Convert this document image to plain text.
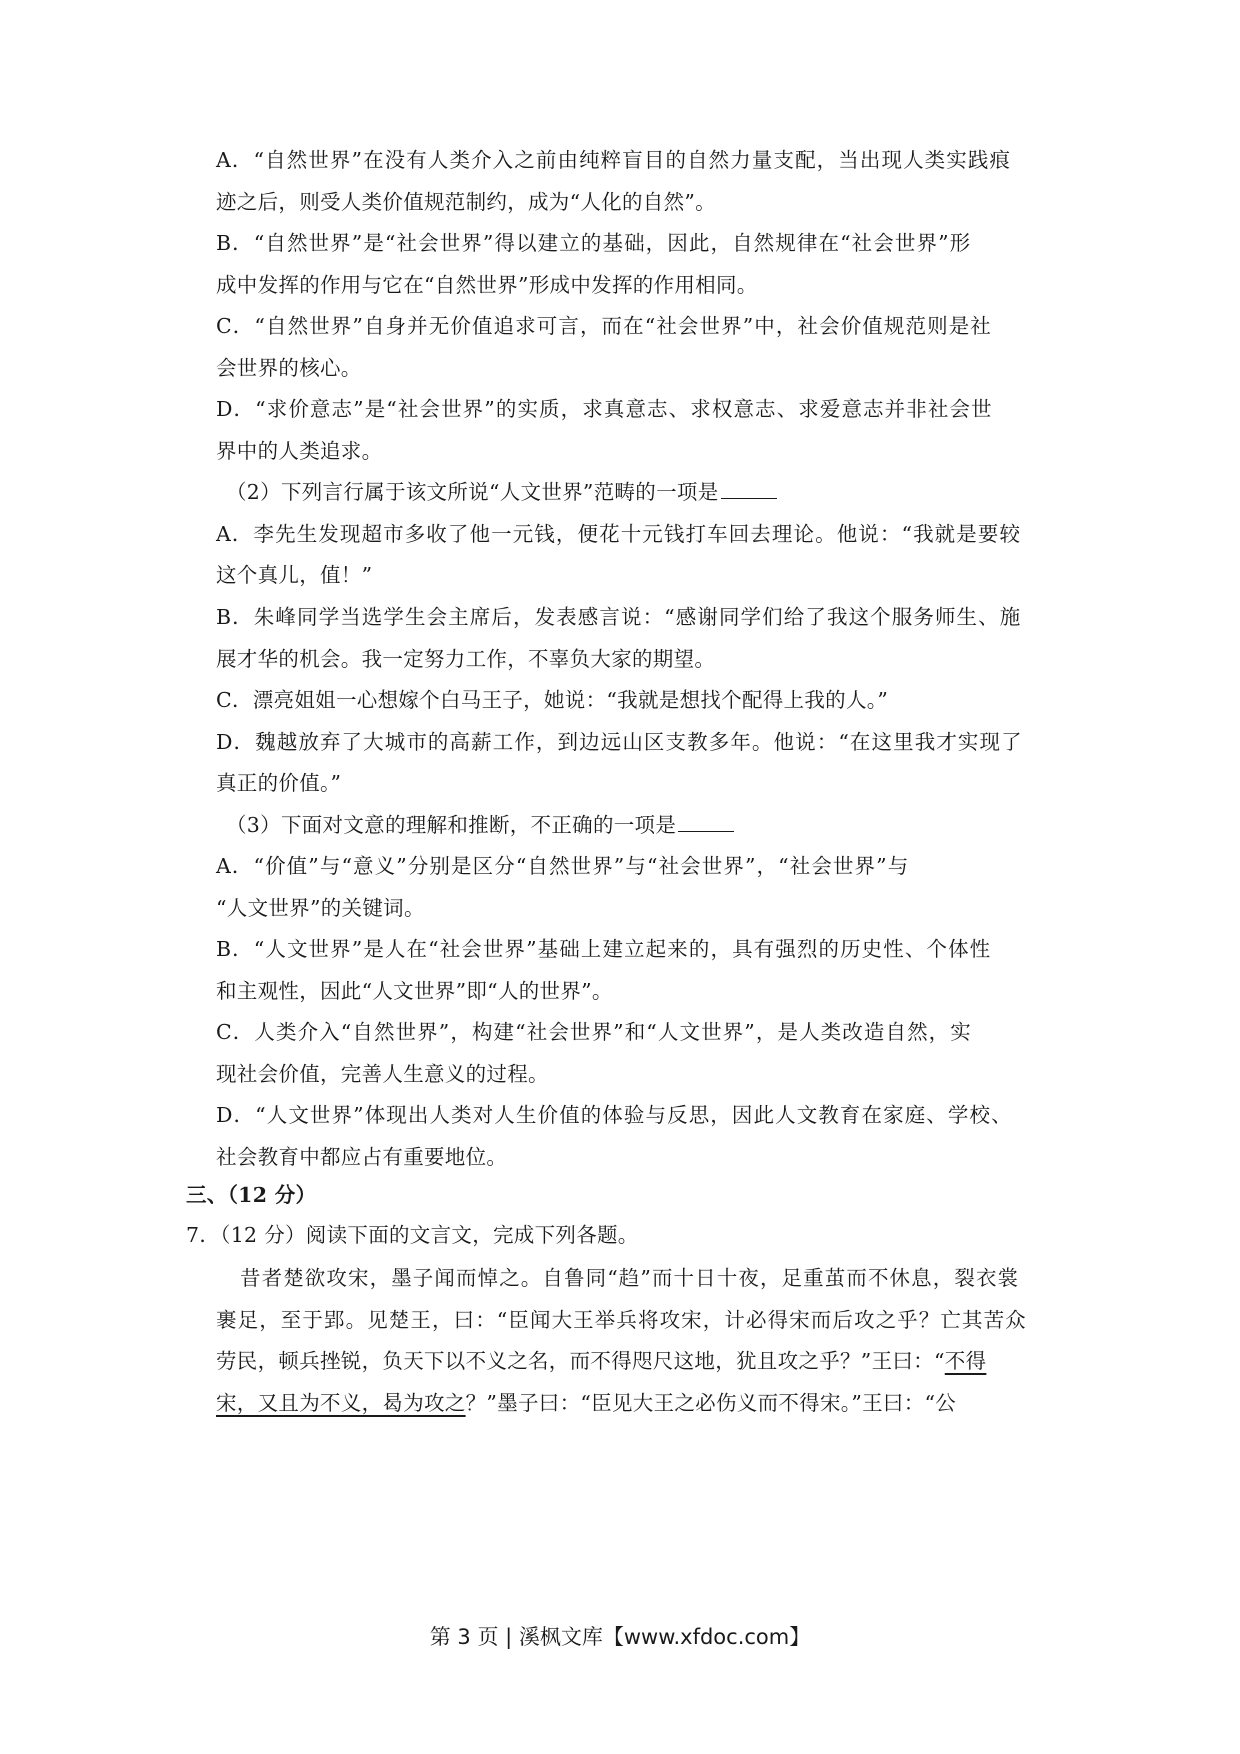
A．“自然世界”在没有人类介入之前由纯粹盲目的自然力量支配，当出现人类实践痕
迹之后，则受人类价值规范制约，成为“人化的自然”。
B．“自然世界”是“社会世界”得以建立的基础，因此，自然规律在“社会世界”形
成中发挥的作用与它在“自然世界”形成中发挥的作用相同。
C．“自然世界”自身并无价值追求可言，而在“社会世界”中，社会价值规范则是社
会世界的核心。
D．“求价意志”是“社会世界”的实质，求真意志、求权意志、求爱意志并非社会世
界中的人类追求。
（2）下列言行属于该文所说“人文世界”范畴的一项是
A．李先生发现超市多收了他一元钱，便花十元钱打车回去理论。他说：“我就是要较
这个真儿，值！”
B．朱峰同学当选学生会主席后，发表感言说：“感谢同学们给了我这个服务师生、施
展才华的机会。我一定努力工作，不辜负大家的期望。
C．漂亮姐姐一心想嫁个白马王子，她说：“我就是想找个配得上我的人。”
D．魏越放弃了大城市的高薪工作，到边远山区支教多年。他说：“在这里我才实现了
真正的价值。”
（3）下面对文意的理解和推断，不正确的一项是
A．“价值”与“意义”分别是区分“自然世界”与“社会世界”，“社会世界”与
“人文世界”的关键词。
B．“人文世界”是人在“社会世界”基础上建立起来的，具有强烈的历史性、个体性
和主观性，因此“人文世界”即“人的世界”。
C．人类介入“自然世界”，构建“社会世界”和“人文世界”，是人类改造自然，实
现社会价值，完善人生意义的过程。
D．“人文世界”体现出人类对人生价值的体验与反思，因此人文教育在家庭、学校、
社会教育中都应占有重要地位。
三、（12 分）
7．（12 分）阅读下面的文言文，完成下列各题。
昔者楚欲攻宋，墨子闻而悼之。自鲁同“趋”而十日十夜，足重茧而不休息，裂衣裳
裹足，至于郢。见楚王，曰：“臣闻大王举兵将攻宋，计必得宋而后攻之乎？亡其苦众
劳民，顿兵挫锐，负天下以不义之名，而不得咫尺这地，犹且攻之乎？”王曰：“不得
宋，又且为不义，曷为攻之？”墨子曰：“臣见大王之必伤义而不得宋。”王曰：“公
第 3 页 | 溪枫文库【www.xfdoc.com】
